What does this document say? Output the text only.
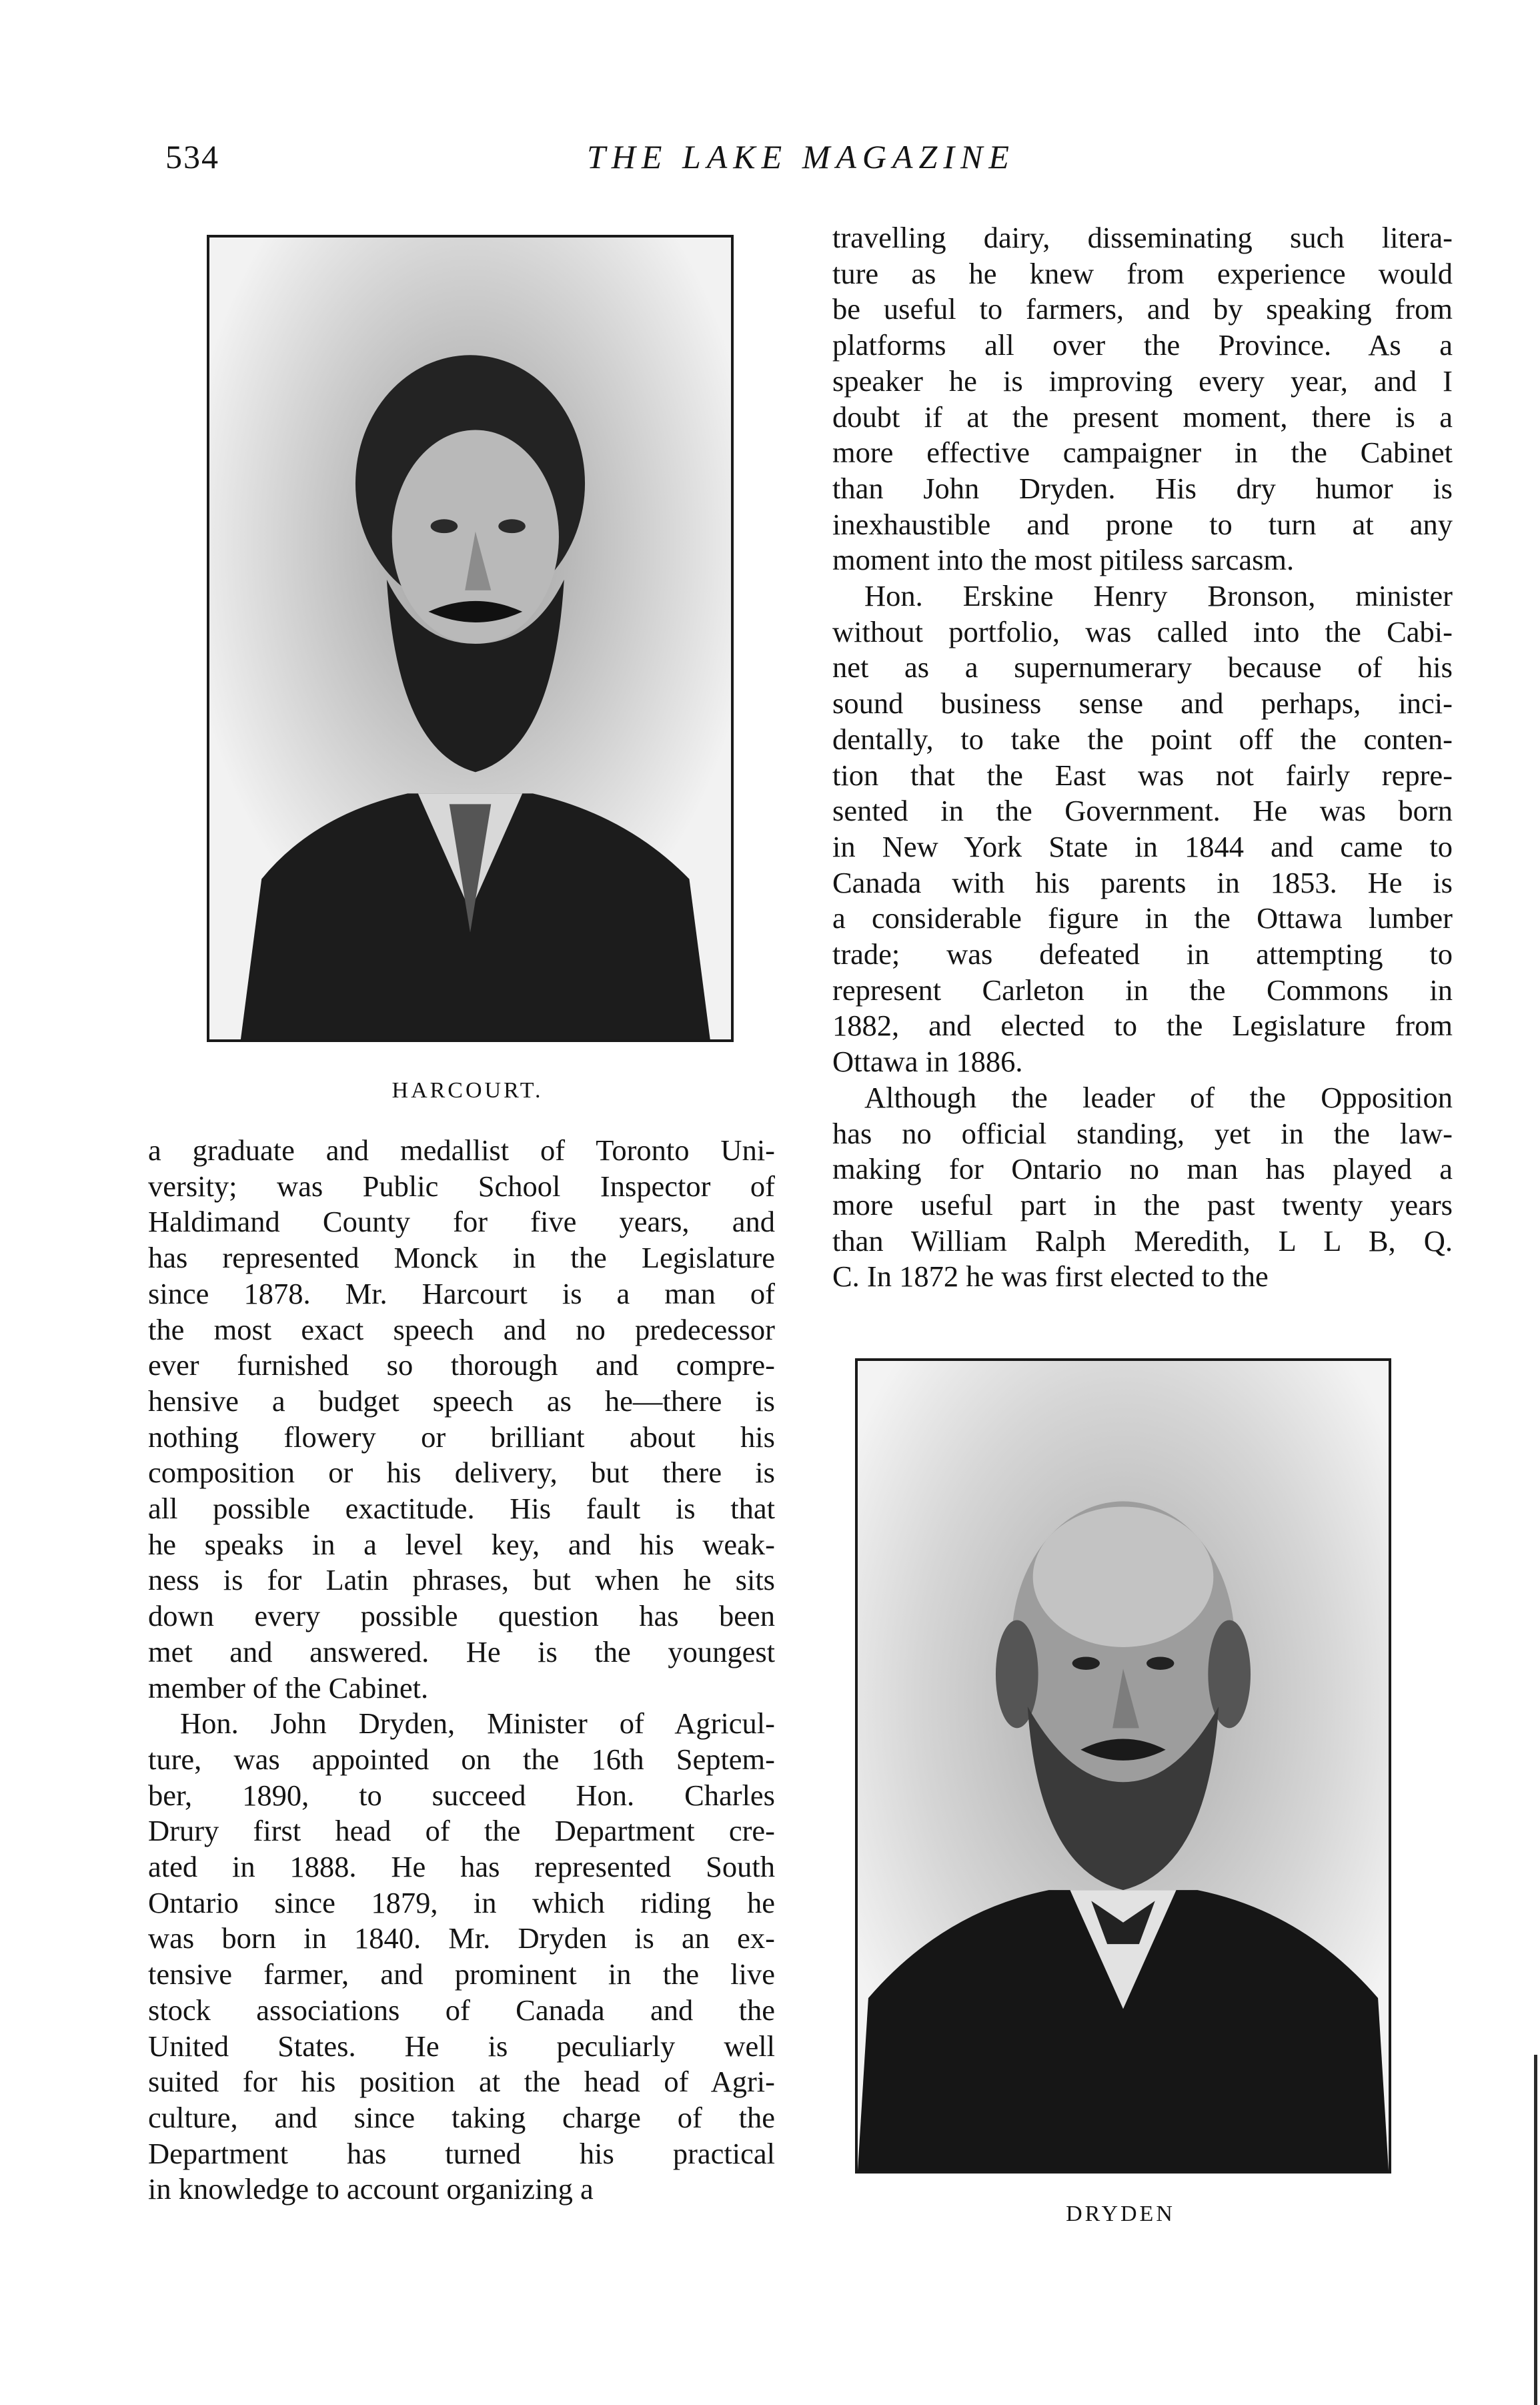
534	THE LAKE MAGAZINE
HARCOURT.
DRYDEN
a graduate and medallist of Toronto Uni-
versity; was Public School Inspector of
Haldimand County for five years, and
has represented Monck in the Legislature
since 1878. Mr. Harcourt is a man of
the most exact speech and no predecessor
ever furnished so thorough and compre-
hensive a budget speech as he—there is
nothing flowery or brilliant about his
composition or his delivery, but there is
all possible exactitude. His fault is that
he speaks in a level key, and his weak-
ness is for Latin phrases, but when he sits
down every possible question has been
met and answered. He is the youngest
member of the Cabinet.
Hon. John Dryden, Minister of Agricul-
ture, was appointed on the 16th Septem-
ber, 1890, to succeed Hon. Charles
Drury first head of the Department cre-
ated in 1888. He has represented South
Ontario since 1879, in which riding he
was born in 1840. Mr. Dryden is an ex-
tensive farmer, and prominent in the live
stock associations of Canada and the
United States. He is peculiarly well
suited for his position at the head of Agri-
culture, and since taking charge of the
Department has turned his practical
in knowledge to account organizing a
travelling dairy, disseminating such litera-
ture as he knew from experience would
be useful to farmers, and by speaking from
platforms all over the Province. As a
speaker he is improving every year, and I
doubt if at the present moment, there is a
more effective campaigner in the Cabinet
than John Dryden. His dry humor is
inexhaustible and prone to turn at any
moment into the most pitiless sarcasm.
Hon. Erskine Henry Bronson, minister
without portfolio, was called into the Cabi-
net as a supernumerary because of his
sound business sense and perhaps, inci-
dentally, to take the point off the conten-
tion that the East was not fairly repre-
sented in the Government. He was born
in New York State in 1844 and came to
Canada with his parents in 1853. He is
a considerable figure in the Ottawa lumber
trade; was defeated in attempting to
represent Carleton in the Commons in
1882, and elected to the Legislature from
Ottawa in 1886.
Although the leader of the Opposition
has no official standing, yet in the law-
making for Ontario no man has played a
more useful part in the past twenty years
than William Ralph Meredith, L L B, Q.
C. In 1872 he was first elected to the
